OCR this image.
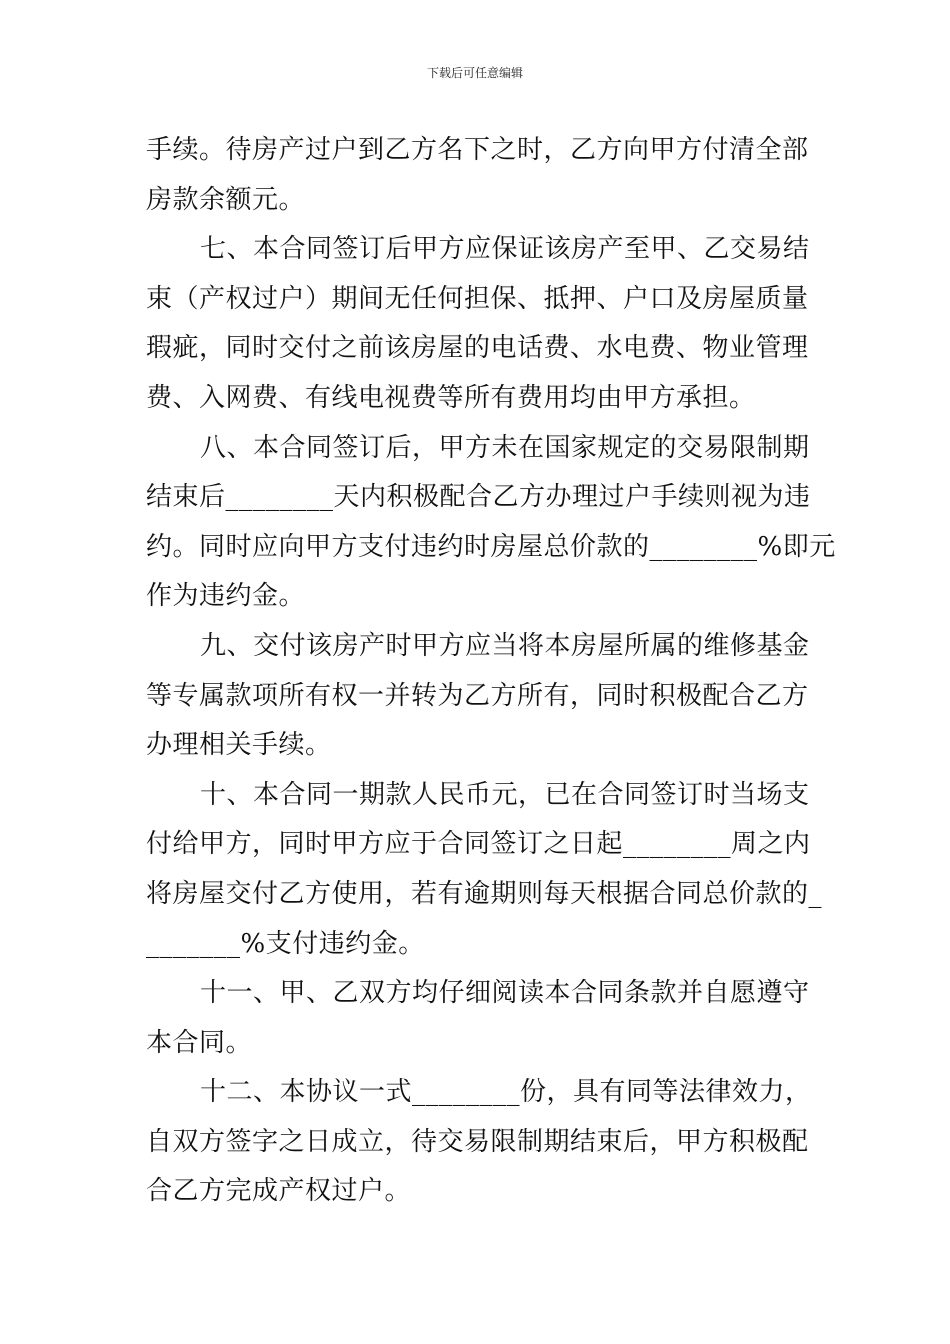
下载后可任意编辑
手续。待房产过户到乙方名下之时，乙方向甲方付清全部
房款余额元。
七、本合同签订后甲方应保证该房产至甲、乙交易结
束（产权过户）期间无任何担保、抵押、户口及房屋质量
瑕疵，同时交付之前该房屋的电话费、水电费、物业管理
费、入网费、有线电视费等所有费用均由甲方承担。
八、本合同签订后，甲方未在国家规定的交易限制期
结束后________天内积极配合乙方办理过户手续则视为违
约。同时应向甲方支付违约时房屋总价款的________%即元
作为违约金。
九、交付该房产时甲方应当将本房屋所属的维修基金
等专属款项所有权一并转为乙方所有，同时积极配合乙方
办理相关手续。
十、本合同一期款人民币元，已在合同签订时当场支
付给甲方，同时甲方应于合同签订之日起________周之内
将房屋交付乙方使用，若有逾期则每天根据合同总价款的_
_______%支付违约金。
十一、甲、乙双方均仔细阅读本合同条款并自愿遵守
本合同。
十二、本协议一式________份，具有同等法律效力，
自双方签字之日成立，待交易限制期结束后，甲方积极配
合乙方完成产权过户。
